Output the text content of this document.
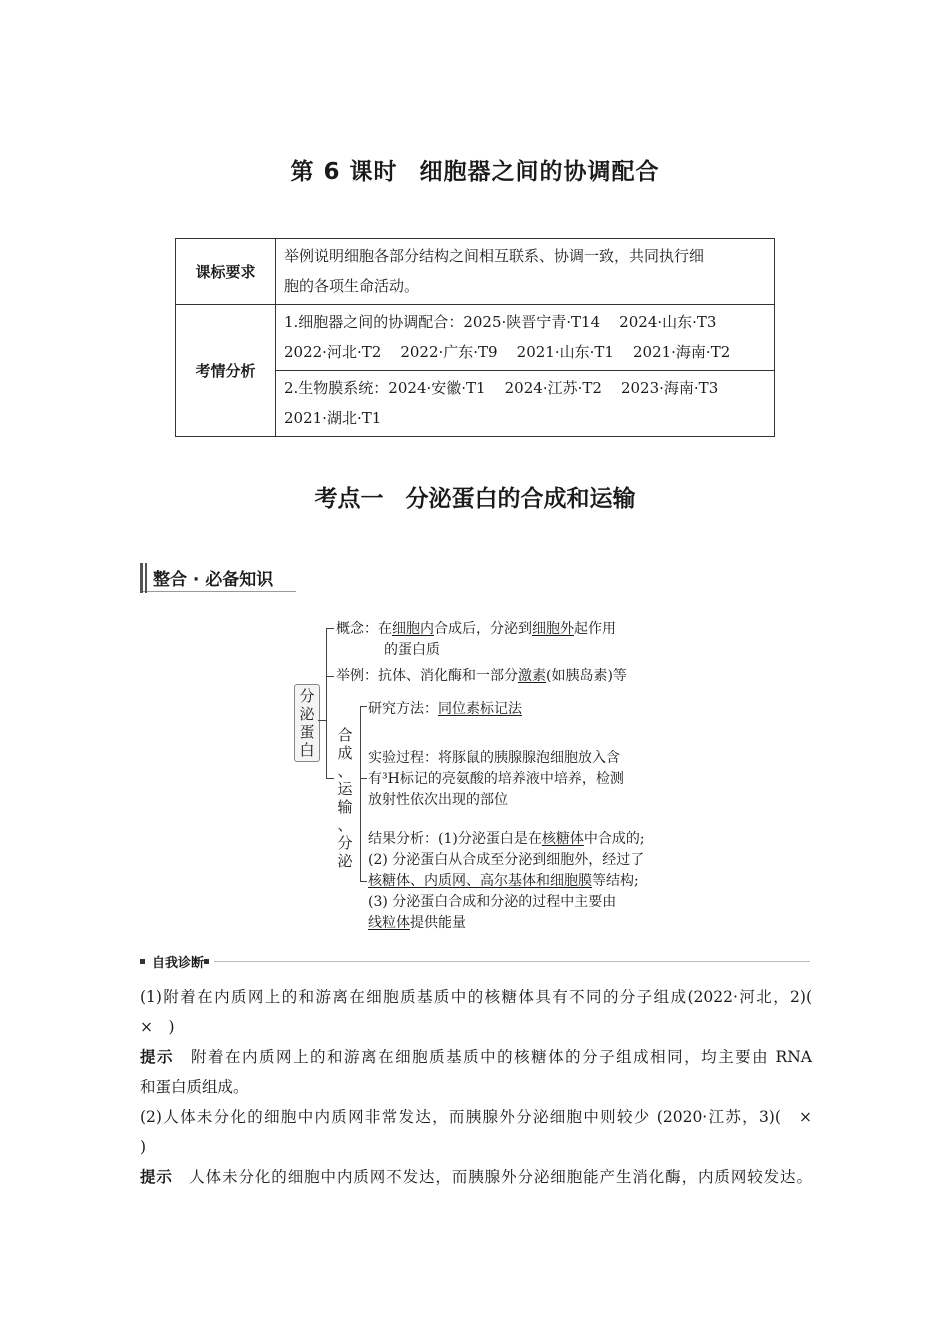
第 6 课时 细胞器之间的协调配合
课标要求	举例说明细胞各部分结构之间相互联系、协调一致，共同执行细
胞的各项生命活动。

考情分析	1.细胞器之间的协调配合：2025·陕晋宁青·T14    2024·山东·T3
2022·河北·T2    2022·广东·T9    2021·山东·T1    2021·海南·T2

	2.生物膜系统：2024·安徽·T1    2024·江苏·T2    2023·海南·T3
2021·湖北·T1
考点一 分泌蛋白的合成和运输
整合 · 必备知识
分
泌
蛋
白
概念：在细胞内合成后，分泌到细胞外起作用
的蛋白质
举例：抗体、消化酶和一部分激素(如胰岛素)等
合
成
、
运
输
、
分
泌
研究方法：同位素标记法
实验过程：将豚鼠的胰腺腺泡细胞放入含
有³H标记的亮氨酸的培养液中培养，检测
放射性依次出现的部位
结果分析：(1)分泌蛋白是在核糖体中合成的;
(2) 分泌蛋白从合成至分泌到细胞外，经过了
核糖体、内质网、高尔基体和细胞膜等结构;
(3) 分泌蛋白合成和分泌的过程中主要由
线粒体提供能量
自我诊断
(1)附着在内质网上的和游离在细胞质基质中的核糖体具有不同的分子组成(2022·河北，2)(
×　)
提示　 附着在内质网上的和游离在细胞质基质中的核糖体的分子组成相同，均主要由 RNA
和蛋白质组成。
(2)人体未分化的细胞中内质网非常发达，而胰腺外分泌细胞中则较少 (2020·江苏，3)(　×
)
提示　 人体未分化的细胞中内质网不发达，而胰腺外分泌细胞能产生消化酶，内质网较发达。
